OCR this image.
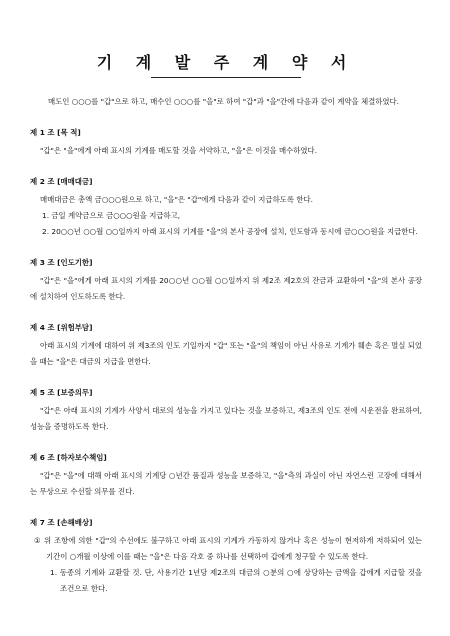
기 계 발 주 계 약 서

매도인 ○○○를 "갑"으로 하고, 매수인 ○○○를 "을"로 하여 "갑"과 "을"간에 다음과 같이 계약을 체결하였다.

제 1 조 [목 적]

"갑"은 "을"에게 아래 표시의 기계를 매도할 것을 서약하고, "을"은 이것을 매수하였다.

제 2 조 [매매대금]

매매대금은 총액 금○○○원으로 하고, "을"은 "갑"에게 다음과 같이 지급하도록 한다.

1. 금일 계약금으로 금○○○원을 지급하고,

2. 20○○년 ○○월 ○○일까지 아래 표시의 기계를 "을"의 본사 공장에 설치, 인도함과 동시에 금○○○원을 지급한다.

제 3 조 [인도기한]

"갑"은 "을"에게 아래 표시의 기계를 20○○년 ○○월 ○○일까지 위 제2조 제2호의 잔금과 교환하여 "을"의 본사 공장에 설치하여 인도하도록 한다.

제 4 조 [위험부담]

아래 표시의 기계에 대하여 위 제3조의 인도 기일까지 "갑" 또는 "을"의 책임이 아닌 사유로 기계가 훼손 혹은 멸실 되었을 때는 "을"은 대금의 지급을 면한다.

제 5 조 [보증의무]

"갑"은 아래 표시의 기계가 사양서 대로의 성능을 가지고 있다는 것을 보증하고, 제3조의 인도 전에 시운전을 완료하여, 성능을 증명하도록 한다.

제 6 조 [하자보수책임]

"갑"은 "을"에 대해 아래 표시의 기계당 ○년간 품질과 성능을 보증하고, "을"측의 과실이 아닌 자연스런 고장에 대해서는 무상으로 수선할 의무를 진다.

제 7 조 [손해배상]

① 위 조항에 의한 "갑"의 수선에도 불구하고 아래 표시의 기계가 가동하지 않거나 혹은 성능이 현저하게 저하되어 있는 기간이 ○개월 이상에 이를 때는 "을"은 다음 각호 중 하나를 선택하여 갑에게 청구할 수 있도록 한다.

1. 동종의 기계와 교환할 것. 단, 사용기간 1년당 제2조의 대금의 ○분의 ○에 상당하는 금액을 갑에게 지급할 것을 조건으로 한다.
